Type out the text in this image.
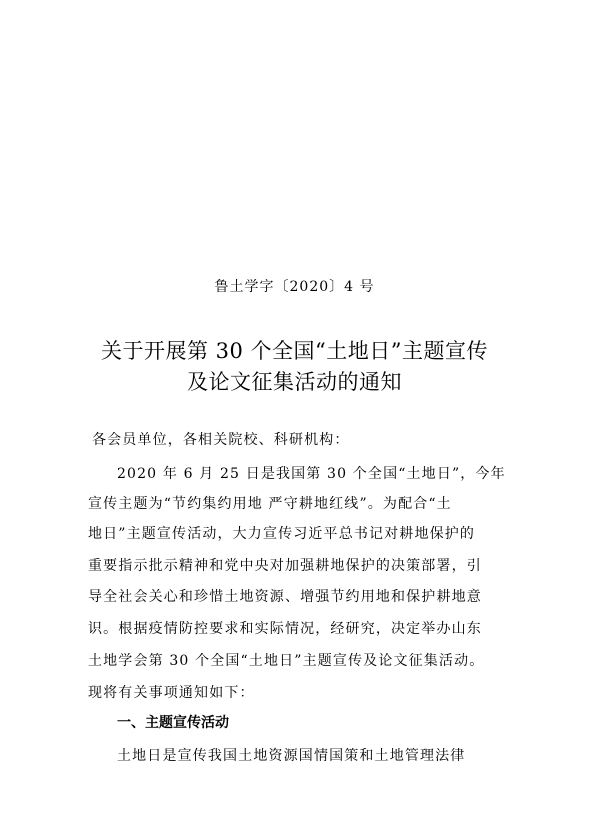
鲁土学字〔2020〕4 号
关于开展第 30 个全国“土地日”主题宣传
及论文征集活动的通知
各会员单位，各相关院校、科研机构：
2020 年 6 月 25 日是我国第 30 个全国“土地日”，今年
宣传主题为“节约集约用地 严守耕地红线”。为配合“土
地日”主题宣传活动，大力宣传习近平总书记对耕地保护的
重要指示批示精神和党中央对加强耕地保护的决策部署，引
导全社会关心和珍惜土地资源、增强节约用地和保护耕地意
识。根据疫情防控要求和实际情况，经研究，决定举办山东
土地学会第 30 个全国“土地日”主题宣传及论文征集活动。
现将有关事项通知如下：
一、主题宣传活动
土地日是宣传我国土地资源国情国策和土地管理法律
